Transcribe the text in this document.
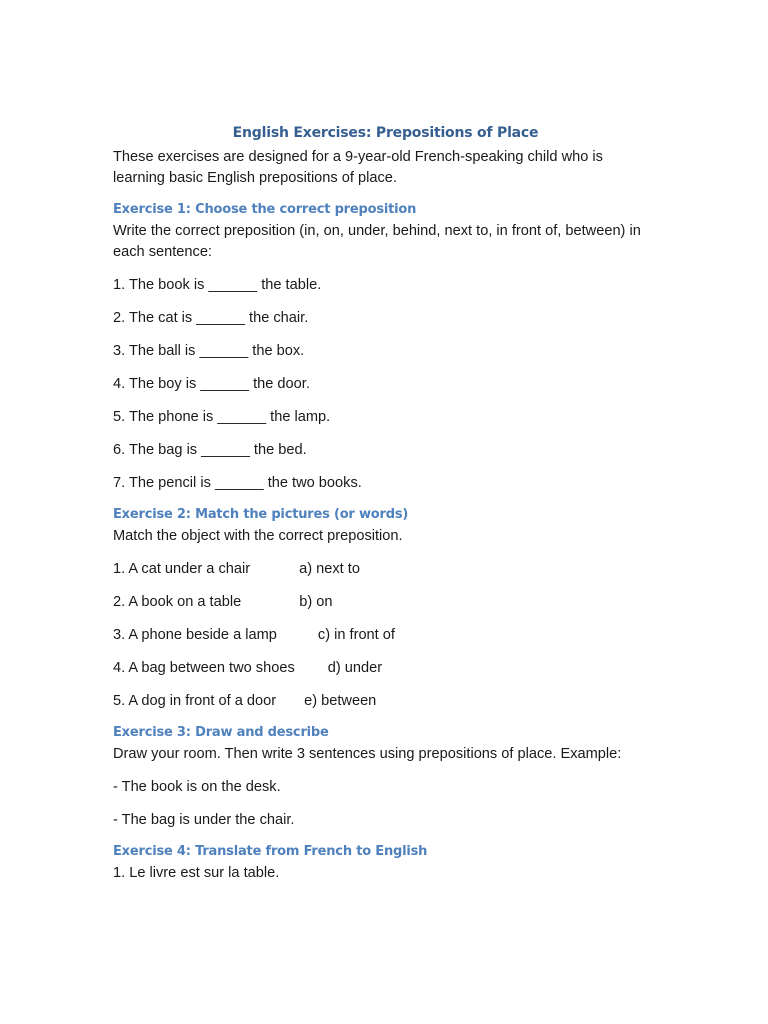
English Exercises: Prepositions of Place

These exercises are designed for a 9-year-old French-speaking child who is learning basic English prepositions of place.

Exercise 1: Choose the correct preposition

Write the correct preposition (in, on, under, behind, next to, in front of, between) in each sentence:

1. The book is ______ the table.

2. The cat is ______ the chair.

3. The ball is ______ the box.

4. The boy is ______ the door.

5. The phone is ______ the lamp.

6. The bag is ______ the bed.

7. The pencil is ______ the two books.

Exercise 2: Match the pictures (or words)

Match the object with the correct preposition.

1. A cat under a chair	a) next to

2. A book on a table	b) on

3. A phone beside a lamp	c) in front of

4. A bag between two shoes d) under

5. A dog in front of a door e) between

Exercise 3: Draw and describe

Draw your room. Then write 3 sentences using prepositions of place. Example:

- The book is on the desk.

- The bag is under the chair.

Exercise 4: Translate from French to English

1. Le livre est sur la table.
